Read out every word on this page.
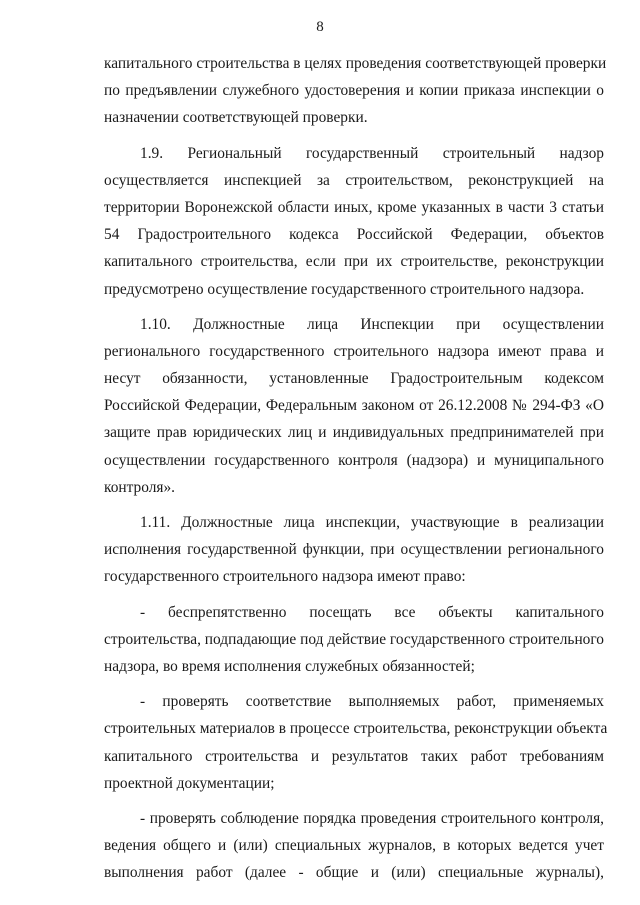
8
капитального строительства в целях проведения соответствующей проверки
по предъявлении служебного удостоверения и копии приказа инспекции о
назначении соответствующей проверки.
1.9. Региональный государственный строительный надзор
осуществляется инспекцией за строительством, реконструкцией на
территории Воронежской области иных, кроме указанных в части 3 статьи
54 Градостроительного кодекса Российской Федерации, объектов
капитального строительства, если при их строительстве, реконструкции
предусмотрено осуществление государственного строительного надзора.
1.10. Должностные лица Инспекции при осуществлении
регионального государственного строительного надзора имеют права и
несут обязанности, установленные Градостроительным кодексом
Российской Федерации, Федеральным законом от 26.12.2008 № 294-ФЗ «О
защите прав юридических лиц и индивидуальных предпринимателей при
осуществлении государственного контроля (надзора) и муниципального
контроля».
1.11. Должностные лица инспекции, участвующие в реализации
исполнения государственной функции, при осуществлении регионального
государственного строительного надзора имеют право:
- беспрепятственно посещать все объекты капитального
строительства, подпадающие под действие государственного строительного
надзора, во время исполнения служебных обязанностей;
- проверять соответствие выполняемых работ, применяемых
строительных материалов в процессе строительства, реконструкции объекта
капитального строительства и результатов таких работ требованиям
проектной документации;
- проверять соблюдение порядка проведения строительного контроля,
ведения общего и (или) специальных журналов, в которых ведется учет
выполнения работ (далее - общие и (или) специальные журналы),
